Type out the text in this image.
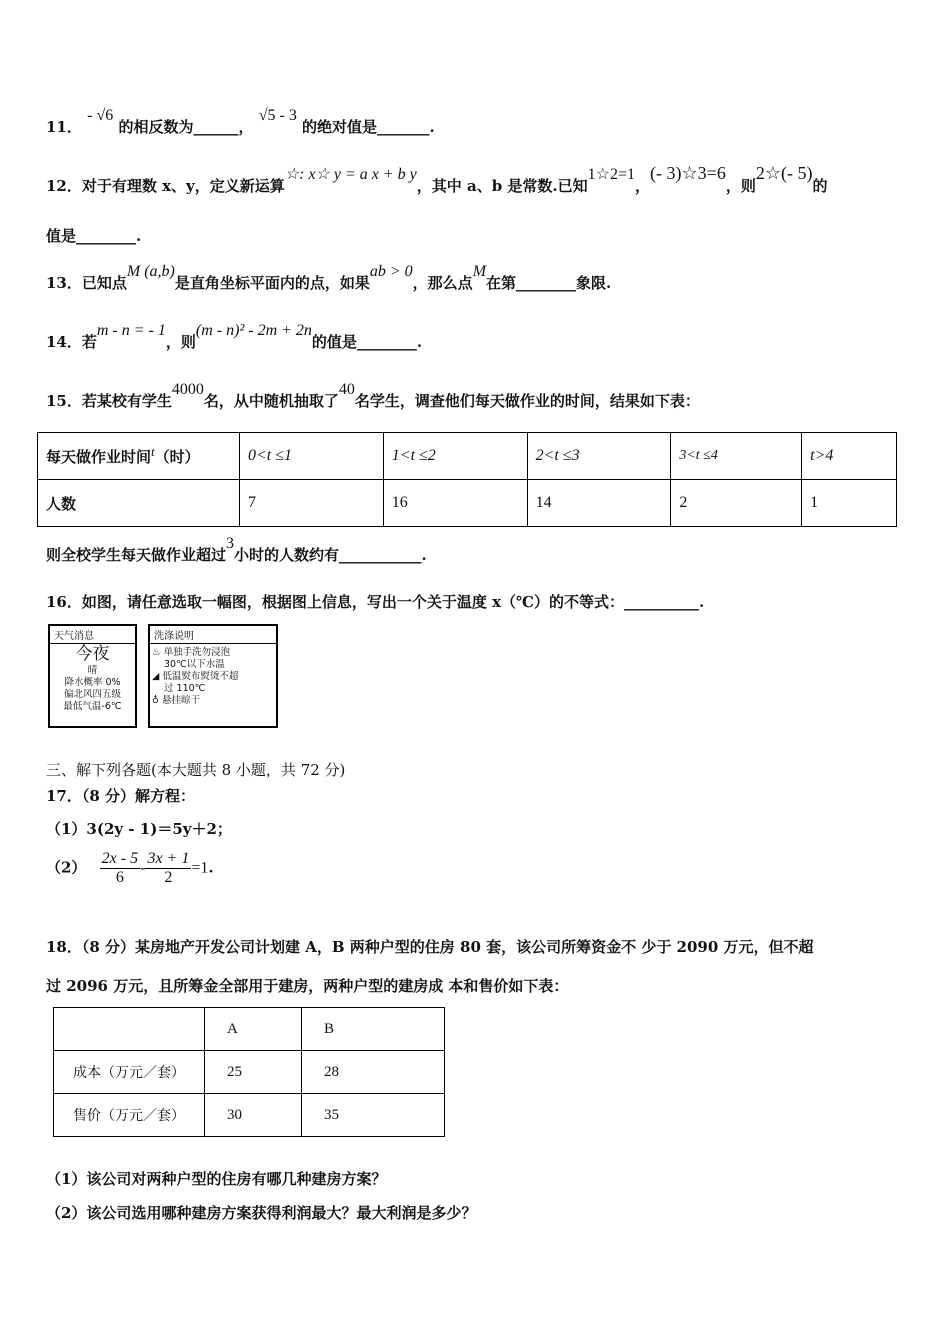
11． - √6 的相反数为______， √5 - 3 的绝对值是_______.
12．对于有理数 x、y，定义新运算☆: x☆ y = a x + b y，其中 a、b 是常数.已知1☆2=1，(- 3)☆3=6，则2☆(- 5)的
值是________.
13．已知点M (a,b)是直角坐标平面内的点，如果ab > 0，那么点M在第________象限.
14．若m - n = - 1，则(m - n)² - 2m + 2n的值是________.
15．若某校有学生4000名，从中随机抽取了40名学生，调查他们每天做作业的时间，结果如下表：
每天做作业时间t（时）	0<t ≤1	1<t ≤2	2<t ≤3	3<t ≤4	t>4
人数	7	16	14	2	1
则全校学生每天做作业超过3小时的人数约有___________.
16．如图，请任意选取一幅图，根据图上信息，写出一个关于温度 x（℃）的不等式：__________.
天气消息
今夜
晴
降水概率 0%
偏北风四五级
最低气温-6℃
洗涤说明
♨ 单独手洗勿浸泡
30℃以下水温
◢ 低温熨布熨烫不超
过 110℃
♁ 悬挂晾干
三、解下列各题(本大题共 8 小题，共 72 分)
17．（8 分）解方程：
（1）3(2y - 1)＝5y＋2；
$(2) \frac{2x - 5}{6} - \frac{3x + 1}{2} =1$.
18．（8 分）某房地产开发公司计划建 A，B 两种户型的住房 80 套，该公司所筹资金不 少于 2090 万元，但不超
过 2096 万元，且所筹金全部用于建房，两种户型的建房成 本和售价如下表：
	A	B
成本（万元／套）	25	28
售价（万元／套）	30	35
（1）该公司对两种户型的住房有哪几种建房方案？
（2）该公司选用哪种建房方案获得利润最大？最大利润是多少？
